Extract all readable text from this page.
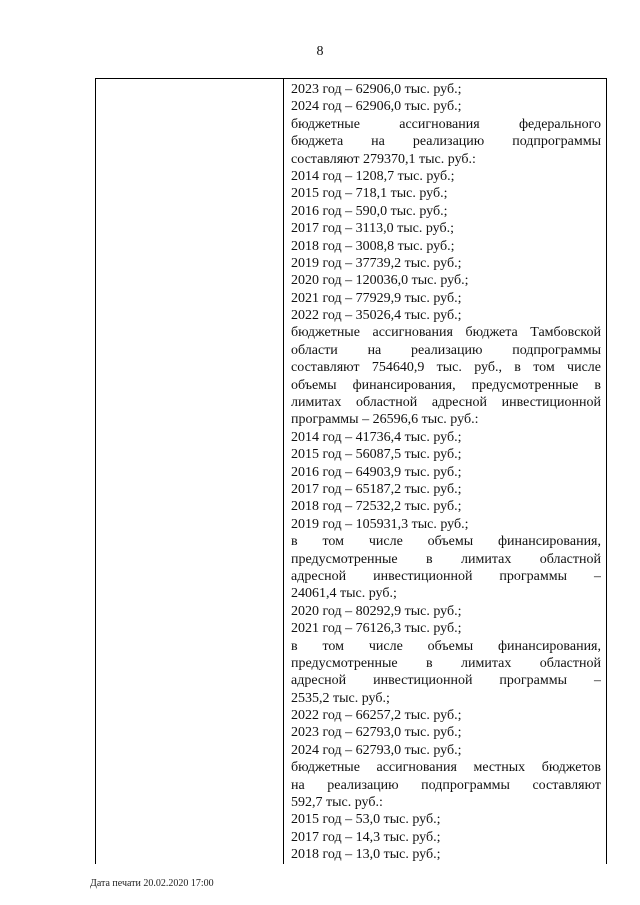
8
2023 год – 62906,0 тыс. руб.;
2024 год – 62906,0 тыс. руб.;
бюджетные ассигнования федерального
бюджета на реализацию подпрограммы
составляют 279370,1 тыс. руб.:
2014 год – 1208,7 тыс. руб.;
2015 год – 718,1 тыс. руб.;
2016 год – 590,0 тыс. руб.;
2017 год – 3113,0 тыс. руб.;
2018 год – 3008,8 тыс. руб.;
2019 год – 37739,2 тыс. руб.;
2020 год – 120036,0 тыс. руб.;
2021 год – 77929,9 тыс. руб.;
2022 год – 35026,4 тыс. руб.;
бюджетные ассигнования бюджета Тамбовской
области на реализацию подпрограммы
составляют 754640,9 тыс. руб., в том числе
объемы финансирования, предусмотренные в
лимитах областной адресной инвестиционной
программы – 26596,6 тыс. руб.:
2014 год – 41736,4 тыс. руб.;
2015 год – 56087,5 тыс. руб.;
2016 год – 64903,9 тыс. руб.;
2017 год – 65187,2 тыс. руб.;
2018 год – 72532,2 тыс. руб.;
2019 год – 105931,3 тыс. руб.;
в том числе объемы финансирования,
предусмотренные в лимитах областной
адресной инвестиционной программы –
24061,4 тыс. руб.;
2020 год – 80292,9 тыс. руб.;
2021 год – 76126,3 тыс. руб.;
в том числе объемы финансирования,
предусмотренные в лимитах областной
адресной инвестиционной программы –
2535,2 тыс. руб.;
2022 год – 66257,2 тыс. руб.;
2023 год – 62793,0 тыс. руб.;
2024 год – 62793,0 тыс. руб.;
бюджетные ассигнования местных бюджетов
на реализацию подпрограммы составляют
592,7 тыс. руб.:
2015 год – 53,0 тыс. руб.;
2017 год – 14,3 тыс. руб.;
2018 год – 13,0 тыс. руб.;
Дата печати 20.02.2020 17:00
